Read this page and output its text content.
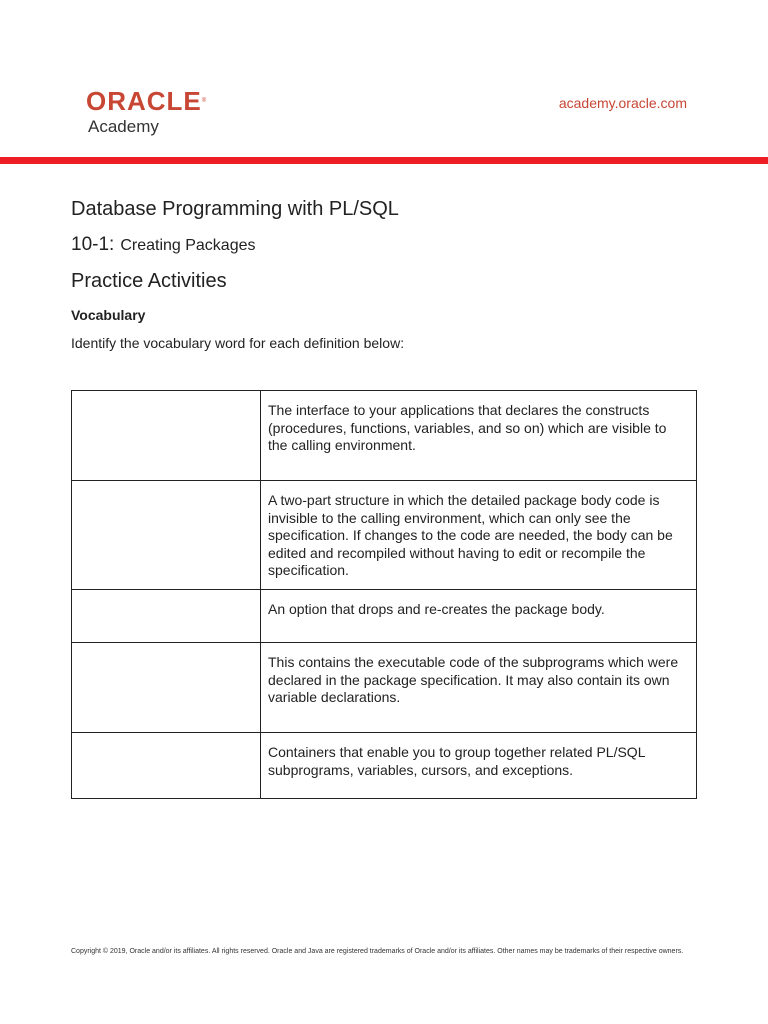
ORACLE®
Academy
academy.oracle.com
Database Programming with PL/SQL
10-1: Creating Packages
Practice Activities
Vocabulary
Identify the vocabulary word for each definition below:
	The interface to your applications that declares the constructs (procedures, functions, variables, and so on) which are visible to the calling environment.
	A two-part structure in which the detailed package body code is invisible to the calling environment, which can only see the specification. If changes to the code are needed, the body can be edited and recompiled without having to edit or recompile the specification.
	An option that drops and re-creates the package body.
	This contains the executable code of the subprograms which were declared in the package specification. It may also contain its own variable declarations.
	Containers that enable you to group together related PL/SQL subprograms, variables, cursors, and exceptions.
Copyright © 2019, Oracle and/or its affiliates. All rights reserved. Oracle and Java are registered trademarks of Oracle and/or its affiliates. Other names may be trademarks of their respective owners.
